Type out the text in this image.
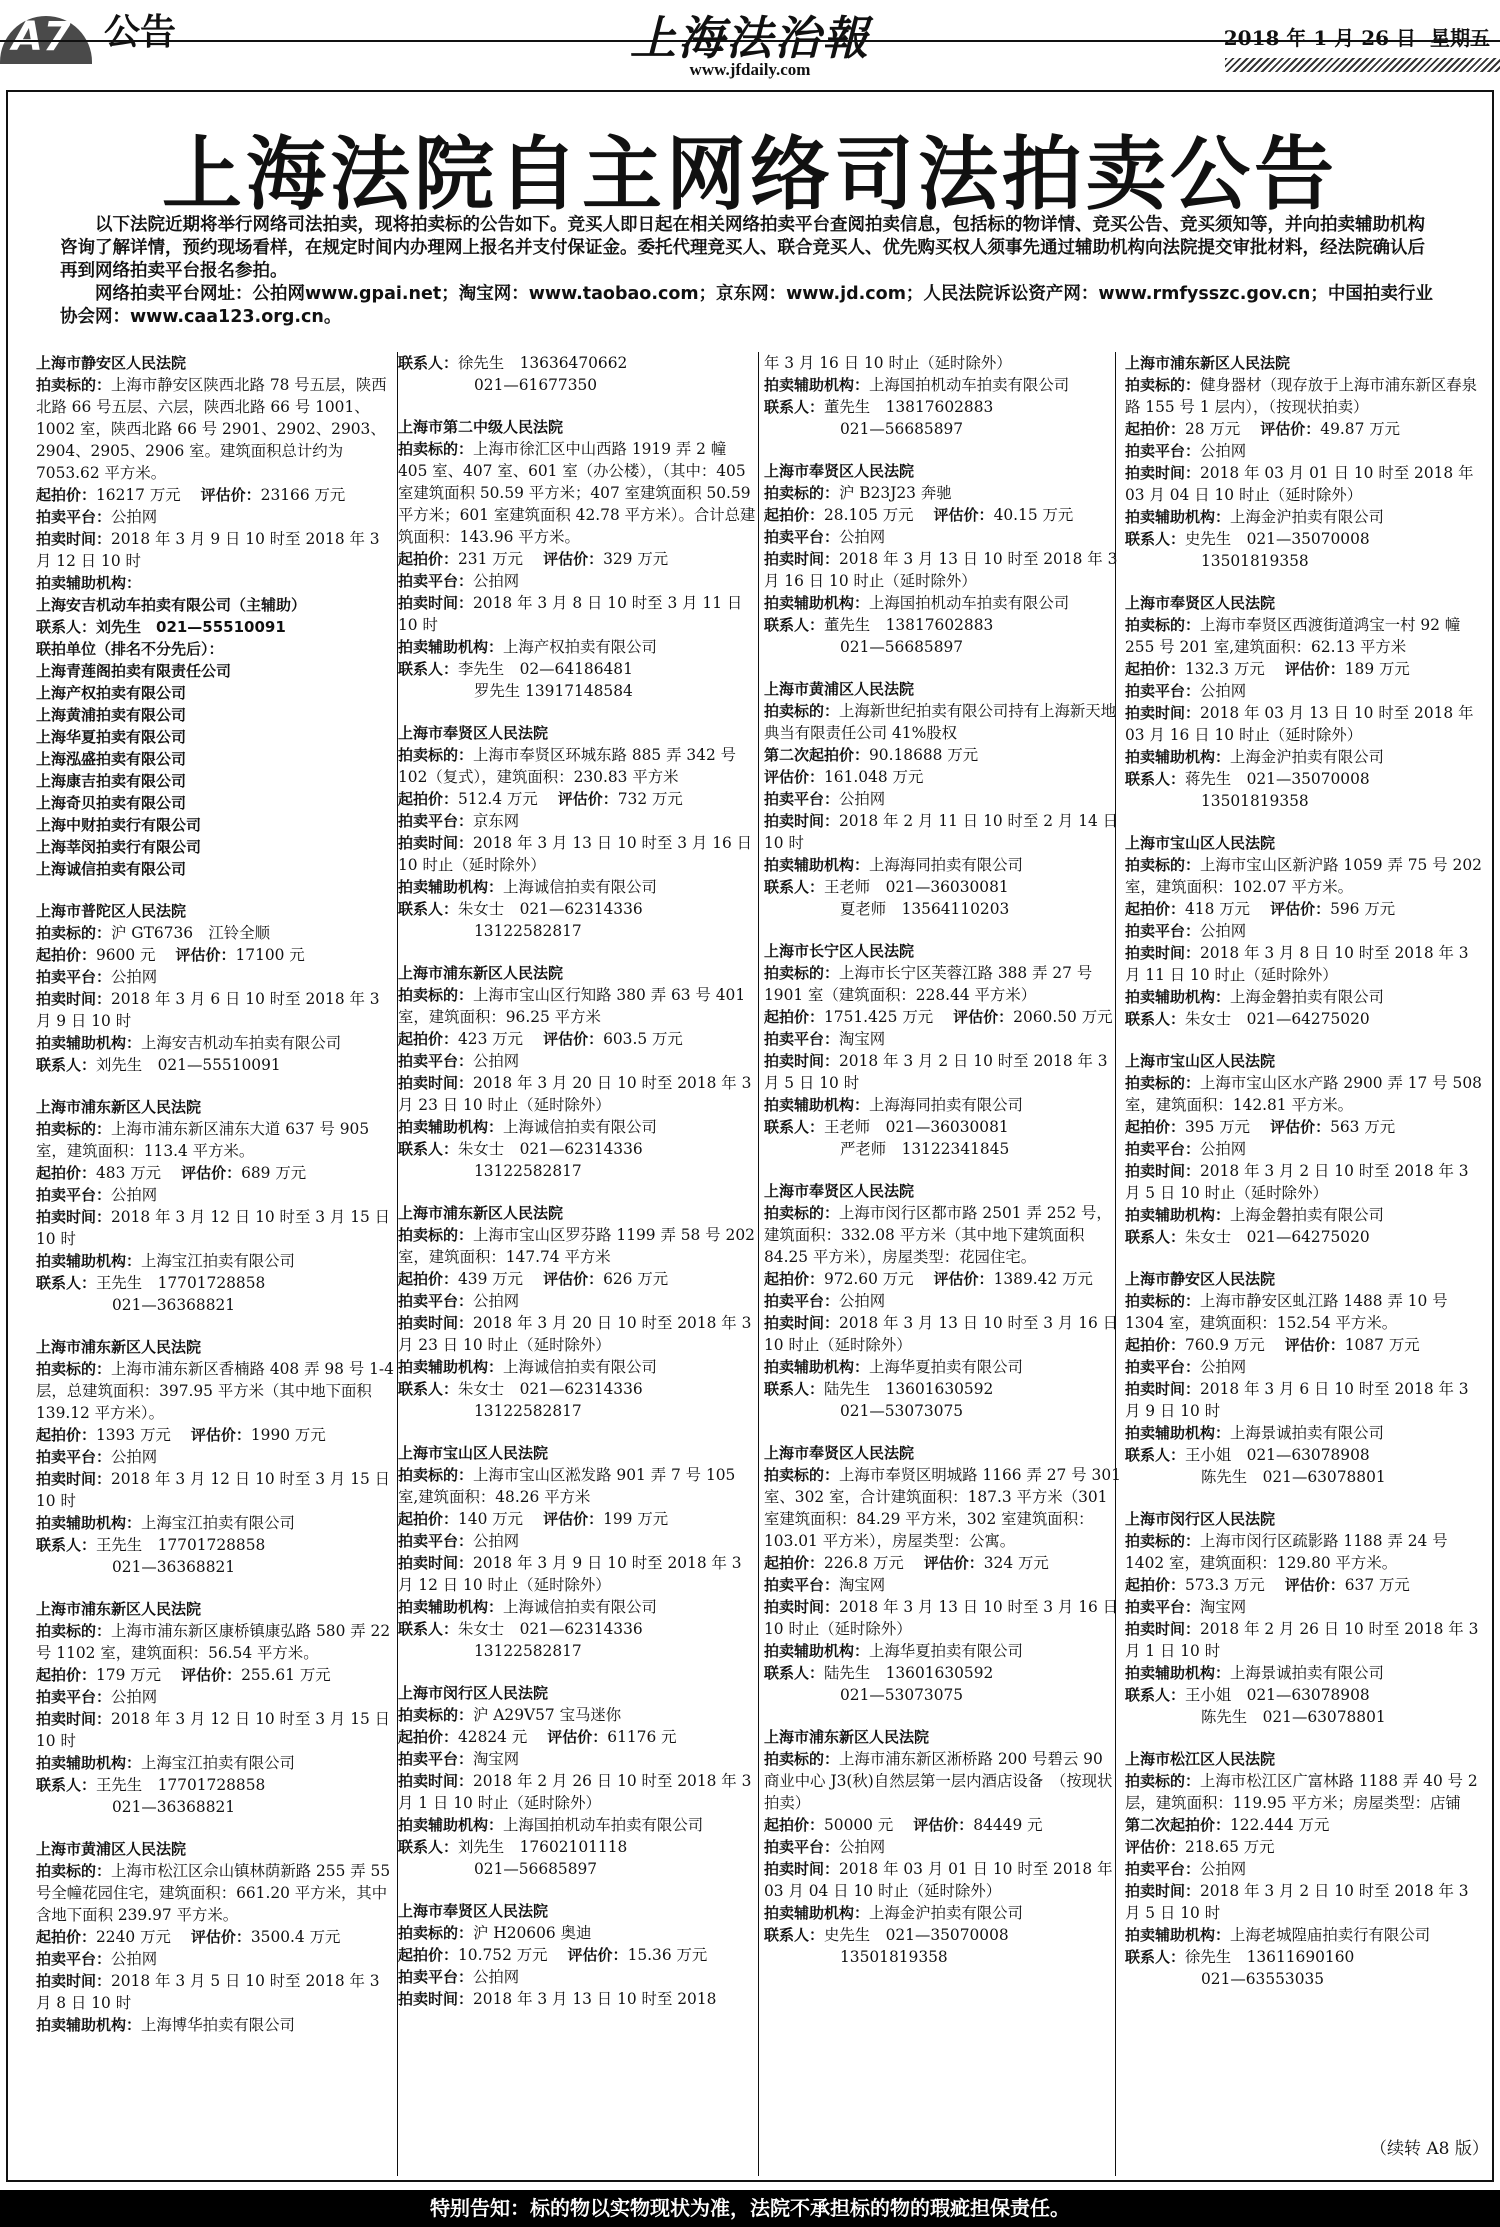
A7 公告	上海法治報
www.jfdaily.com
2018 年 1 月 26 日 星期五
上海法院自主网络司法拍卖公告

以下法院近期将举行网络司法拍卖，现将拍卖标的公告如下。竞买人即日起在相关网络拍卖平台查阅拍卖信息，包括标的物详情、竞买公告、竞买须知等，并向拍卖辅助机构咨询了解详情，预约现场看样，在规定时间内办理网上报名并支付保证金。委托代理竞买人、联合竞买人、优先购买权人须事先通过辅助机构向法院提交审批材料，经法院确认后再到网络拍卖平台报名参拍。

网络拍卖平台网址：公拍网www.gpai.net；淘宝网：www.taobao.com；京东网：www.jd.com；人民法院诉讼资产网：www.rmfysszc.gov.cn；中国拍卖行业协会网：www.caa123.org.cn。

上海市静安区人民法院
拍卖标的：上海市静安区陕西北路 78 号五层，陕西北路 66 号五层、六层，陕西北路 66 号 1001、1002 室，陕西北路 66 号 2901、2902、2903、2904、2905、2906 室。建筑面积总计约为 7053.62 平方米。
起拍价：16217 万元 评估价：23166 万元
拍卖平台：公拍网
拍卖时间：2018 年 3 月 9 日 10 时至 2018 年 3 月 12 日 10 时
拍卖辅助机构：
上海安吉机动车拍卖有限公司（主辅助）
联系人：刘先生　021—55510091
联拍单位（排名不分先后）：
上海青莲阁拍卖有限责任公司
上海产权拍卖有限公司
上海黄浦拍卖有限公司
上海华夏拍卖有限公司
上海泓盛拍卖有限公司
上海康吉拍卖有限公司
上海奇贝拍卖有限公司
上海中财拍卖行有限公司
上海莘闵拍卖行有限公司
上海诚信拍卖有限公司
上海市普陀区人民法院
拍卖标的：沪 GT6736　江铃全顺
起拍价：9600 元 评估价：17100 元
拍卖平台：公拍网
拍卖时间：2018 年 3 月 6 日 10 时至 2018 年 3 月 9 日 10 时
拍卖辅助机构：上海安吉机动车拍卖有限公司
联系人：刘先生　021—55510091
上海市浦东新区人民法院
拍卖标的：上海市浦东新区浦东大道 637 号 905 室，建筑面积：113.4 平方米。
起拍价：483 万元 评估价：689 万元
拍卖平台：公拍网
拍卖时间：2018 年 3 月 12 日 10 时至 3 月 15 日 10 时
拍卖辅助机构：上海宝江拍卖有限公司
联系人：王先生　17701728858
021—36368821
上海市浦东新区人民法院
拍卖标的：上海市浦东新区香楠路 408 弄 98 号 1-4 层，总建筑面积：397.95 平方米（其中地下面积 139.12 平方米）。
起拍价：1393 万元 评估价：1990 万元
拍卖平台：公拍网
拍卖时间：2018 年 3 月 12 日 10 时至 3 月 15 日 10 时
拍卖辅助机构：上海宝江拍卖有限公司
联系人：王先生　17701728858
021—36368821
上海市浦东新区人民法院
拍卖标的：上海市浦东新区康桥镇康弘路 580 弄 22 号 1102 室，建筑面积：56.54 平方米。
起拍价：179 万元 评估价：255.61 万元
拍卖平台：公拍网
拍卖时间：2018 年 3 月 12 日 10 时至 3 月 15 日 10 时
拍卖辅助机构：上海宝江拍卖有限公司
联系人：王先生　17701728858
021—36368821
上海市黄浦区人民法院
拍卖标的：上海市松江区佘山镇林荫新路 255 弄 55 号全幢花园住宅，建筑面积：661.20 平方米，其中含地下面积 239.97 平方米。
起拍价：2240 万元 评估价：3500.4 万元
拍卖平台：公拍网
拍卖时间：2018 年 3 月 5 日 10 时至 2018 年 3 月 8 日 10 时
拍卖辅助机构：上海博华拍卖有限公司
联系人：徐先生　13636470662
021—61677350
上海市第二中级人民法院
拍卖标的：上海市徐汇区中山西路 1919 弄 2 幢 405 室、407 室、601 室（办公楼），（其中：405 室建筑面积 50.59 平方米；407 室建筑面积 50.59 平方米；601 室建筑面积 42.78 平方米）。合计总建筑面积：143.96 平方米。
起拍价：231 万元 评估价：329 万元
拍卖平台：公拍网
拍卖时间：2018 年 3 月 8 日 10 时至 3 月 11 日 10 时
拍卖辅助机构：上海产权拍卖有限公司
联系人：李先生　02—64186481
罗先生 13917148584
上海市奉贤区人民法院
拍卖标的：上海市奉贤区环城东路 885 弄 342 号 102（复式），建筑面积：230.83 平方米
起拍价：512.4 万元 评估价：732 万元
拍卖平台：京东网
拍卖时间：2018 年 3 月 13 日 10 时至 3 月 16 日 10 时止（延时除外）
拍卖辅助机构：上海诚信拍卖有限公司
联系人：朱女士　021—62314336
13122582817
上海市浦东新区人民法院
拍卖标的：上海市宝山区行知路 380 弄 63 号 401 室，建筑面积：96.25 平方米
起拍价：423 万元 评估价：603.5 万元
拍卖平台：公拍网
拍卖时间：2018 年 3 月 20 日 10 时至 2018 年 3 月 23 日 10 时止（延时除外）
拍卖辅助机构：上海诚信拍卖有限公司
联系人：朱女士　021—62314336
13122582817
上海市浦东新区人民法院
拍卖标的：上海市宝山区罗芬路 1199 弄 58 号 202 室，建筑面积：147.74 平方米
起拍价：439 万元 评估价：626 万元
拍卖平台：公拍网
拍卖时间：2018 年 3 月 20 日 10 时至 2018 年 3 月 23 日 10 时止（延时除外）
拍卖辅助机构：上海诚信拍卖有限公司
联系人：朱女士　021—62314336
13122582817
上海市宝山区人民法院
拍卖标的：上海市宝山区淞发路 901 弄 7 号 105 室,建筑面积：48.26 平方米
起拍价：140 万元 评估价：199 万元
拍卖平台：公拍网
拍卖时间：2018 年 3 月 9 日 10 时至 2018 年 3 月 12 日 10 时止（延时除外）
拍卖辅助机构：上海诚信拍卖有限公司
联系人：朱女士　021—62314336
13122582817
上海市闵行区人民法院
拍卖标的：沪 A29V57 宝马迷你
起拍价：42824 元 评估价：61176 元
拍卖平台：淘宝网
拍卖时间：2018 年 2 月 26 日 10 时至 2018 年 3 月 1 日 10 时止（延时除外）
拍卖辅助机构：上海国拍机动车拍卖有限公司
联系人：刘先生　17602101118
021—56685897
上海市奉贤区人民法院
拍卖标的：沪 H20606 奥迪
起拍价：10.752 万元 评估价：15.36 万元
拍卖平台：公拍网
拍卖时间：2018 年 3 月 13 日 10 时至 2018
年 3 月 16 日 10 时止（延时除外）
拍卖辅助机构：上海国拍机动车拍卖有限公司
联系人：董先生　13817602883
021—56685897
上海市奉贤区人民法院
拍卖标的：沪 B23J23 奔驰
起拍价：28.105 万元 评估价：40.15 万元
拍卖平台：公拍网
拍卖时间：2018 年 3 月 13 日 10 时至 2018 年 3 月 16 日 10 时止（延时除外）
拍卖辅助机构：上海国拍机动车拍卖有限公司
联系人：董先生　13817602883
021—56685897
上海市黄浦区人民法院
拍卖标的：上海新世纪拍卖有限公司持有上海新天地典当有限责任公司 41%股权
第二次起拍价：90.18688 万元
评估价：161.048 万元
拍卖平台：公拍网
拍卖时间：2018 年 2 月 11 日 10 时至 2 月 14 日 10 时
拍卖辅助机构：上海海同拍卖有限公司
联系人：王老师　021—36030081
夏老师　13564110203
上海市长宁区人民法院
拍卖标的：上海市长宁区芙蓉江路 388 弄 27 号 1901 室（建筑面积：228.44 平方米）
起拍价：1751.425 万元 评估价：2060.50 万元
拍卖平台：淘宝网
拍卖时间：2018 年 3 月 2 日 10 时至 2018 年 3 月 5 日 10 时
拍卖辅助机构：上海海同拍卖有限公司
联系人：王老师　021—36030081
严老师　13122341845
上海市奉贤区人民法院
拍卖标的：上海市闵行区都市路 2501 弄 252 号，建筑面积：332.08 平方米（其中地下建筑面积 84.25 平方米），房屋类型：花园住宅。
起拍价：972.60 万元 评估价：1389.42 万元
拍卖平台：公拍网
拍卖时间：2018 年 3 月 13 日 10 时至 3 月 16 日 10 时止（延时除外）
拍卖辅助机构：上海华夏拍卖有限公司
联系人：陆先生　13601630592
021—53073075
上海市奉贤区人民法院
拍卖标的：上海市奉贤区明城路 1166 弄 27 号 301 室、302 室，合计建筑面积：187.3 平方米（301 室建筑面积：84.29 平方米，302 室建筑面积：103.01 平方米），房屋类型：公寓。
起拍价：226.8 万元 评估价：324 万元
拍卖平台：淘宝网
拍卖时间：2018 年 3 月 13 日 10 时至 3 月 16 日 10 时止（延时除外）
拍卖辅助机构：上海华夏拍卖有限公司
联系人：陆先生　13601630592
021—53073075
上海市浦东新区人民法院
拍卖标的：上海市浦东新区淅桥路 200 号碧云 90 商业中心 J3(秋)自然层第一层内酒店设备　（按现状拍卖）
起拍价：50000 元 评估价：84449 元
拍卖平台：公拍网
拍卖时间：2018 年 03 月 01 日 10 时至 2018 年 03 月 04 日 10 时止（延时除外）
拍卖辅助机构：上海金沪拍卖有限公司
联系人：史先生　021—35070008
13501819358
上海市浦东新区人民法院
拍卖标的：健身器材（现存放于上海市浦东新区春泉路 155 号 1 层内），（按现状拍卖）
起拍价：28 万元 评估价：49.87 万元
拍卖平台：公拍网
拍卖时间：2018 年 03 月 01 日 10 时至 2018 年 03 月 04 日 10 时止（延时除外）
拍卖辅助机构：上海金沪拍卖有限公司
联系人：史先生　021—35070008
13501819358
上海市奉贤区人民法院
拍卖标的：上海市奉贤区西渡街道鸿宝一村 92 幢 255 号 201 室,建筑面积：62.13 平方米
起拍价：132.3 万元 评估价：189 万元
拍卖平台：公拍网
拍卖时间：2018 年 03 月 13 日 10 时至 2018 年 03 月 16 日 10 时止（延时除外）
拍卖辅助机构：上海金沪拍卖有限公司
联系人：蒋先生　021—35070008
13501819358
上海市宝山区人民法院
拍卖标的：上海市宝山区新沪路 1059 弄 75 号 202 室，建筑面积：102.07 平方米。
起拍价：418 万元 评估价：596 万元
拍卖平台：公拍网
拍卖时间：2018 年 3 月 8 日 10 时至 2018 年 3 月 11 日 10 时止（延时除外）
拍卖辅助机构：上海金磐拍卖有限公司
联系人：朱女士　021—64275020
上海市宝山区人民法院
拍卖标的：上海市宝山区水产路 2900 弄 17 号 508 室，建筑面积：142.81 平方米。
起拍价：395 万元 评估价：563 万元
拍卖平台：公拍网
拍卖时间：2018 年 3 月 2 日 10 时至 2018 年 3 月 5 日 10 时止（延时除外）
拍卖辅助机构：上海金磐拍卖有限公司
联系人：朱女士　021—64275020
上海市静安区人民法院
拍卖标的：上海市静安区虬江路 1488 弄 10 号 1304 室，建筑面积：152.54 平方米。
起拍价：760.9 万元 评估价：1087 万元
拍卖平台：公拍网
拍卖时间：2018 年 3 月 6 日 10 时至 2018 年 3 月 9 日 10 时
拍卖辅助机构：上海景诚拍卖有限公司
联系人：王小姐　021—63078908
陈先生　021—63078801
上海市闵行区人民法院
拍卖标的：上海市闵行区疏影路 1188 弄 24 号 1402 室，建筑面积：129.80 平方米。
起拍价：573.3 万元 评估价：637 万元
拍卖平台：淘宝网
拍卖时间：2018 年 2 月 26 日 10 时至 2018 年 3 月 1 日 10 时
拍卖辅助机构：上海景诚拍卖有限公司
联系人：王小姐　021—63078908
陈先生　021—63078801
上海市松江区人民法院
拍卖标的：上海市松江区广富林路 1188 弄 40 号 2 层，建筑面积：119.95 平方米；房屋类型：店铺
第二次起拍价：122.444 万元
评估价：218.65 万元
拍卖平台：公拍网
拍卖时间：2018 年 3 月 2 日 10 时至 2018 年 3 月 5 日 10 时
拍卖辅助机构：上海老城隍庙拍卖行有限公司
联系人：徐先生　13611690160
021—63553035
（续转 A8 版）
特别告知：标的物以实物现状为准，法院不承担标的物的瑕疵担保责任。
